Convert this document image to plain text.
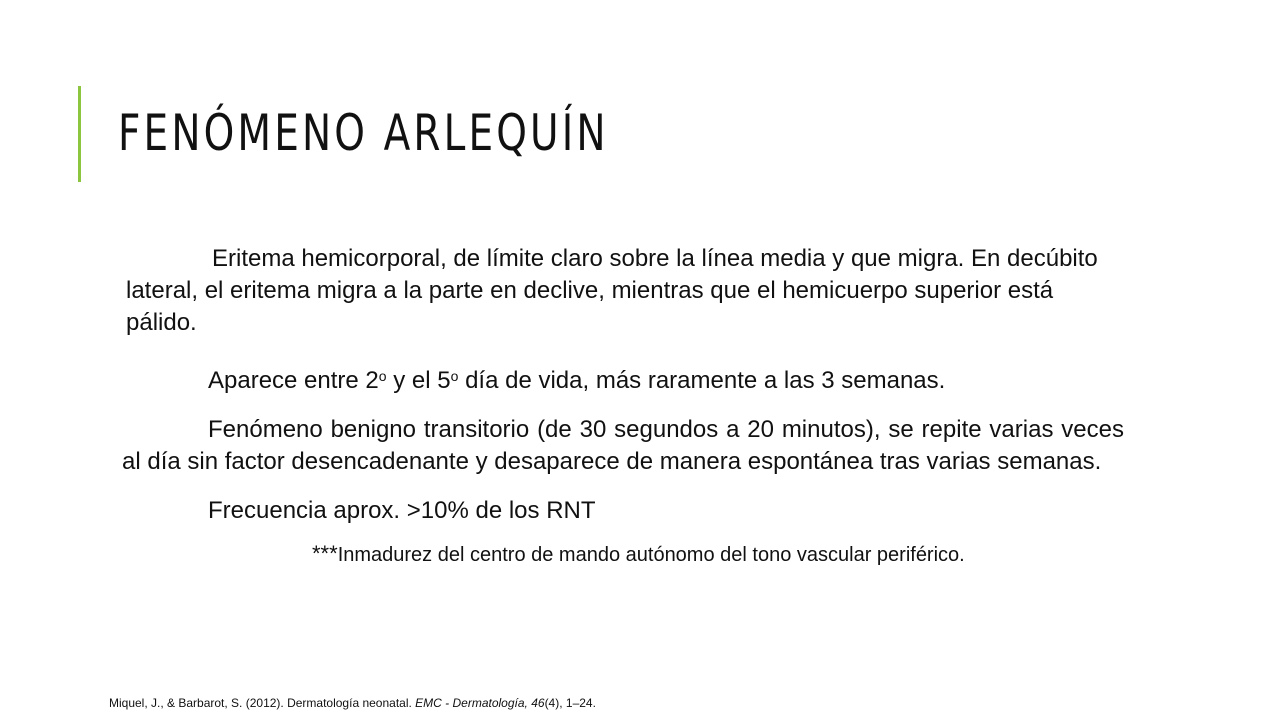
FENÓMENO ARLEQUÍN

Eritema hemicorporal, de límite claro sobre la línea media y que migra. En decúbito lateral, el eritema migra a la parte en declive, mientras que el hemicuerpo superior está pálido.

Aparece entre 2$^o$ y el 5$^o$ día de vida, más raramente a las 3 semanas.

Fenómeno benigno transitorio (de 30 segundos a 20 minutos), se repite varias veces al día sin factor desencadenante y desaparece de manera espontánea tras varias semanas.

Frecuencia aprox. >10% de los RNT

***Inmadurez del centro de mando autónomo del tono vascular periférico.

Miquel, J., & Barbarot, S. (2012). Dermatología neonatal. EMC - Dermatología, 46(4), 1–24.
